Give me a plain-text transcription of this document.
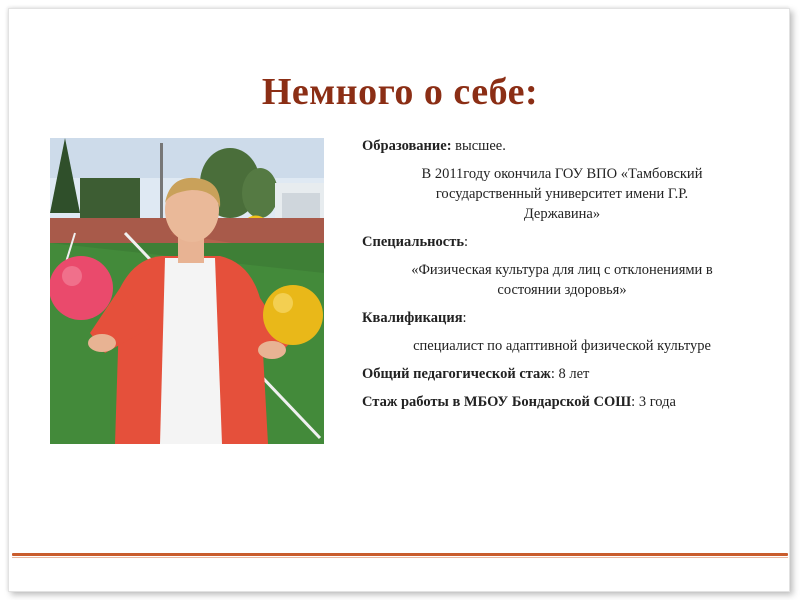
Немного о себе:
Образование: высшее.
В 2011году окончила ГОУ ВПО «Тамбовский
государственный университет имени Г.Р.
Державина»
Специальность:
«Физическая культура для лиц с отклонениями в
состоянии здоровья»
Квалификация:
специалист по адаптивной физической культуре
Общий педагогической стаж: 8 лет
Стаж работы в МБОУ Бондарской СОШ: 3 года
